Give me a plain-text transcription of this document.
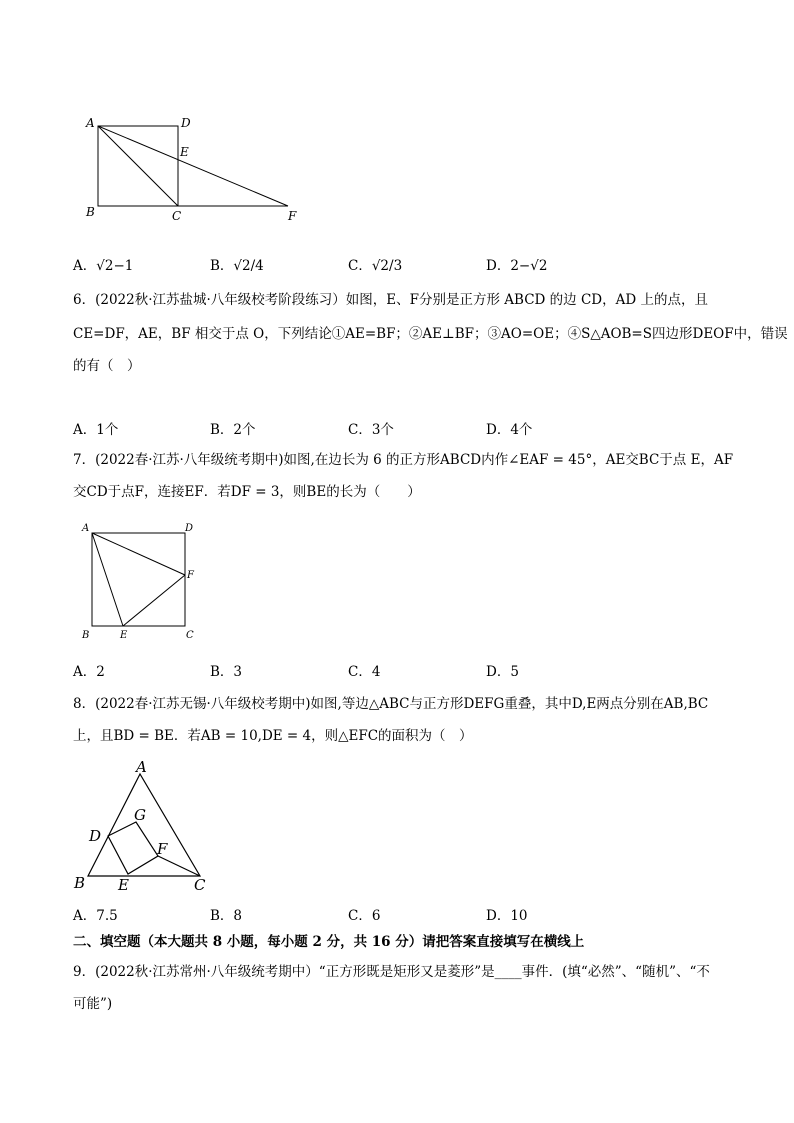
A	D
E
B	C	F
A．√2−1	B．√2/4	C．√2/3	D．2−√2
6．(2022秋·江苏盐城·八年级校考阶段练习）如图，E、F分别是正方形 ABCD 的边 CD，AD 上的点，且
CE=DF，AE，BF 相交于点 O，下列结论①AE=BF；②AE⊥BF；③AO=OE；④S△AOB=S四边形DEOF中，错误
的有（　）
A．1个	B．2个	C．3个	D．4个
7．(2022春·江苏·八年级统考期中)如图,在边长为 6 的正方形ABCD内作∠EAF = 45°，AE交BC于点 E，AF
交CD于点F，连接EF．若DF = 3，则BE的长为（　　）
A	D
F
B	E	C
A．2	B．3	C．4	D．5
8．(2022春·江苏无锡·八年级校考期中)如图,等边△ABC与正方形DEFG重叠，其中D,E两点分别在AB,BC
上，且BD = BE．若AB = 10,DE = 4，则△EFC的面积为（　）
A
G
D
F
B E	C
A．7.5	B．8	C．6	D．10
二、填空题（本大题共 8 小题，每小题 2 分，共 16 分）请把答案直接填写在横线上
9．(2022秋·江苏常州·八年级统考期中）“正方形既是矩形又是菱形”是____事件．(填“必然”、“随机”、“不
可能”)
